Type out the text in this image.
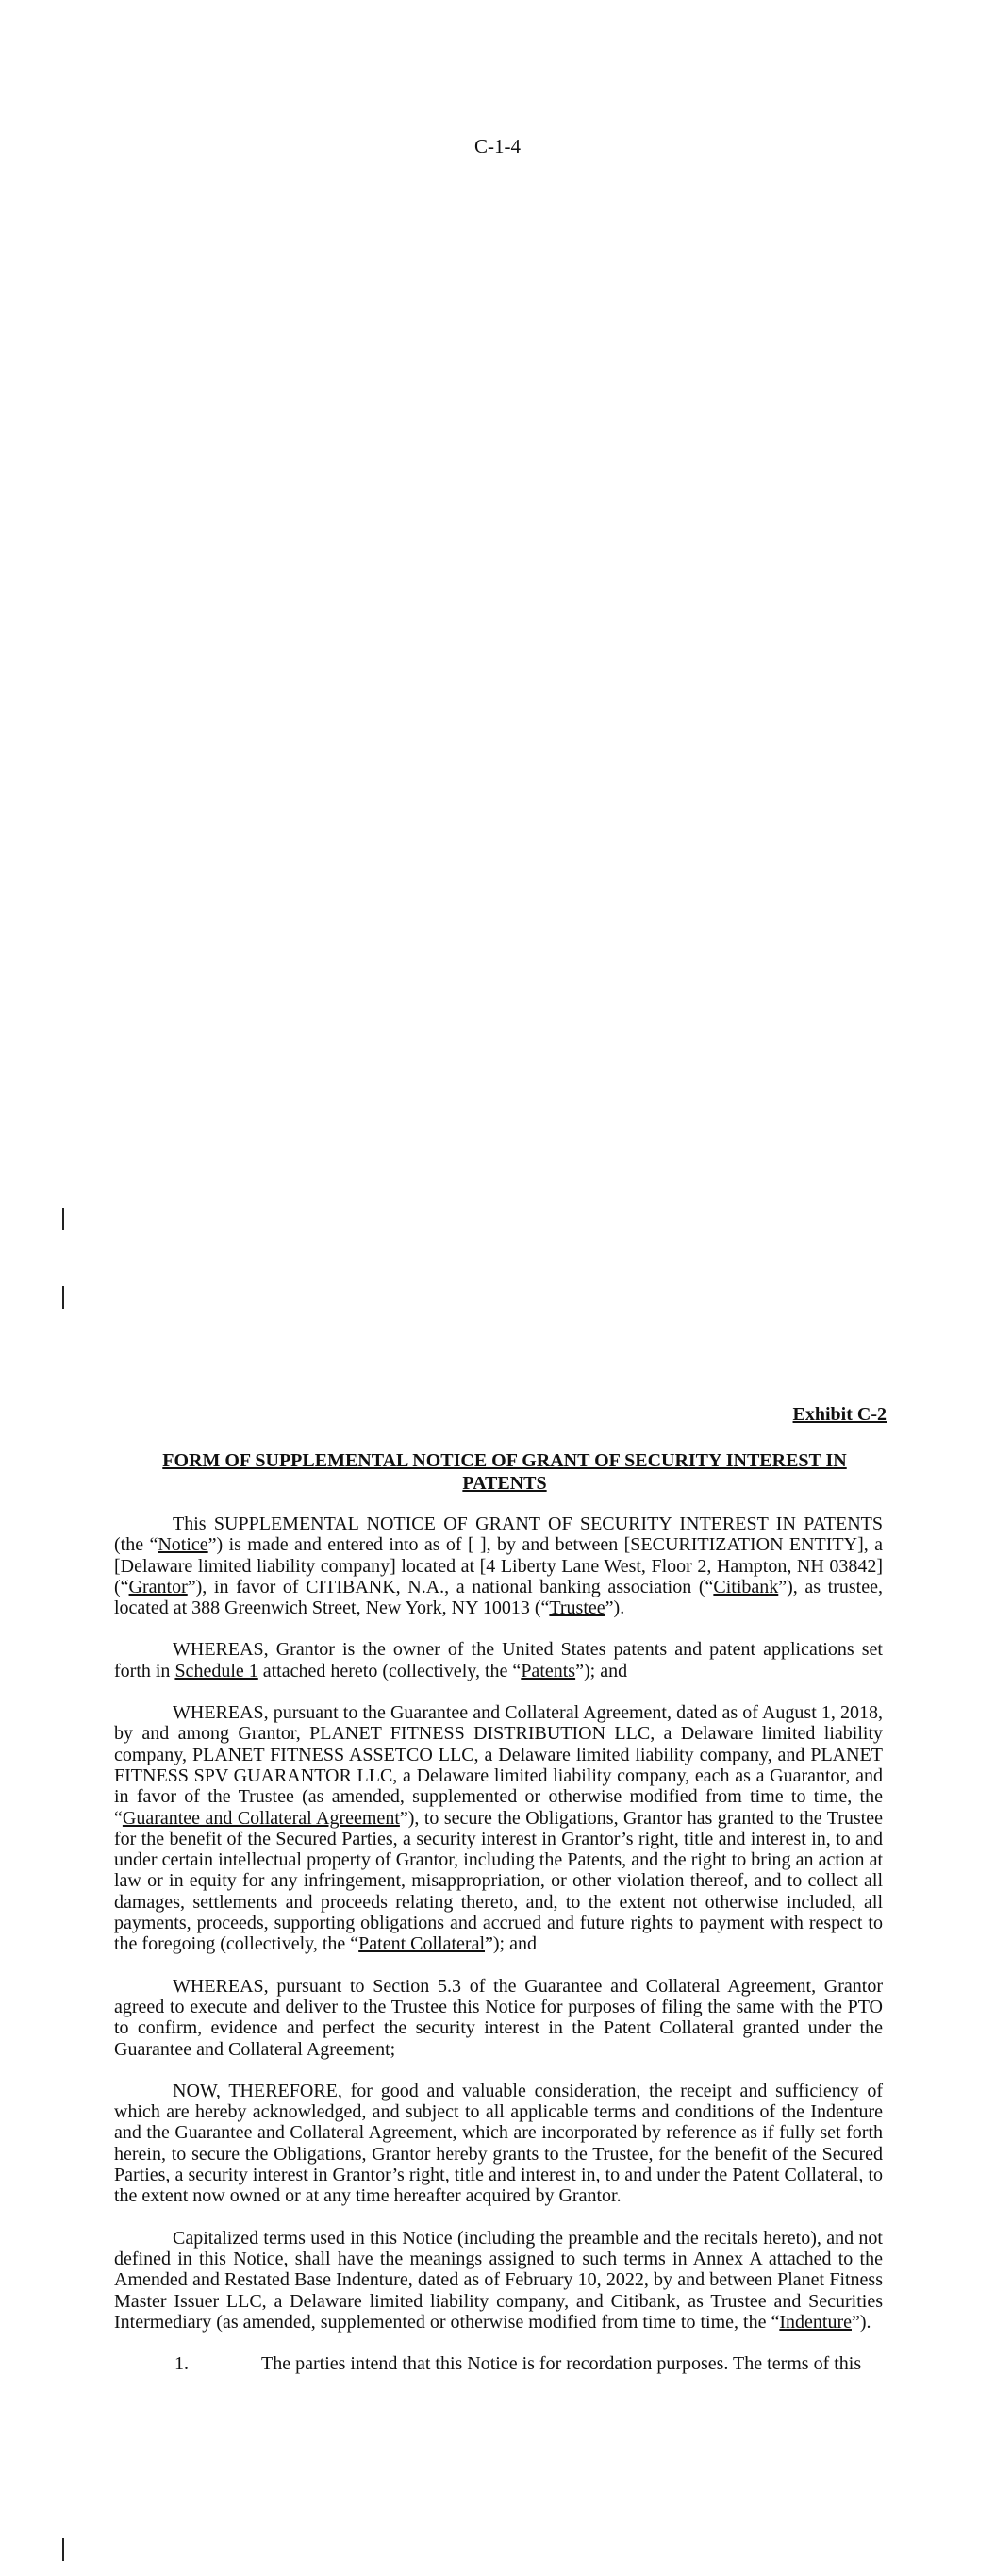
C-1-4
Exhibit C-2
FORM OF SUPPLEMENTAL NOTICE OF GRANT OF SECURITY INTEREST IN PATENTS

This SUPPLEMENTAL NOTICE OF GRANT OF SECURITY INTEREST IN PATENTS (the “Notice”) is made and entered into as of [ ], by and between [SECURITIZATION ENTITY], a [Delaware limited liability company] located at [4 Liberty Lane West, Floor 2, Hampton, NH 03842] (“Grantor”), in favor of CITIBANK, N.A., a national banking association (“Citibank”), as trustee, located at 388 Greenwich Street, New York, NY 10013 (“Trustee”).

WHEREAS, Grantor is the owner of the United States patents and patent applications set forth in Schedule 1 attached hereto (collectively, the “Patents”); and

WHEREAS, pursuant to the Guarantee and Collateral Agreement, dated as of August 1, 2018, by and among Grantor, PLANET FITNESS DISTRIBUTION LLC, a Delaware limited liability company, PLANET FITNESS ASSETCO LLC, a Delaware limited liability company, and PLANET FITNESS SPV GUARANTOR LLC, a Delaware limited liability company, each as a Guarantor, and in favor of the Trustee (as amended, supplemented or otherwise modified from time to time, the “Guarantee and Collateral Agreement”), to secure the Obligations, Grantor has granted to the Trustee for the benefit of the Secured Parties, a security interest in Grantor’s right, title and interest in, to and under certain intellectual property of Grantor, including the Patents, and the right to bring an action at law or in equity for any infringement, misappropriation, or other violation thereof, and to collect all damages, settlements and proceeds relating thereto, and, to the extent not otherwise included, all payments, proceeds, supporting obligations and accrued and future rights to payment with respect to the foregoing (collectively, the “Patent Collateral”); and

WHEREAS, pursuant to Section 5.3 of the Guarantee and Collateral Agreement, Grantor agreed to execute and deliver to the Trustee this Notice for purposes of filing the same with the PTO to confirm, evidence and perfect the security interest in the Patent Collateral granted under the Guarantee and Collateral Agreement;

NOW, THEREFORE, for good and valuable consideration, the receipt and sufficiency of which are hereby acknowledged, and subject to all applicable terms and conditions of the Indenture and the Guarantee and Collateral Agreement, which are incorporated by reference as if fully set forth herein, to secure the Obligations, Grantor hereby grants to the Trustee, for the benefit of the Secured Parties, a security interest in Grantor’s right, title and interest in, to and under the Patent Collateral, to the extent now owned or at any time hereafter acquired by Grantor.

Capitalized terms used in this Notice (including the preamble and the recitals hereto), and not defined in this Notice, shall have the meanings assigned to such terms in Annex A attached to the Amended and Restated Base Indenture, dated as of February 10, 2022, by and between Planet Fitness Master Issuer LLC, a Delaware limited liability company, and Citibank, as Trustee and Securities Intermediary (as amended, supplemented or otherwise modified from time to time, the “Indenture”).

1.	The parties intend that this Notice is for recordation purposes. The terms of this
